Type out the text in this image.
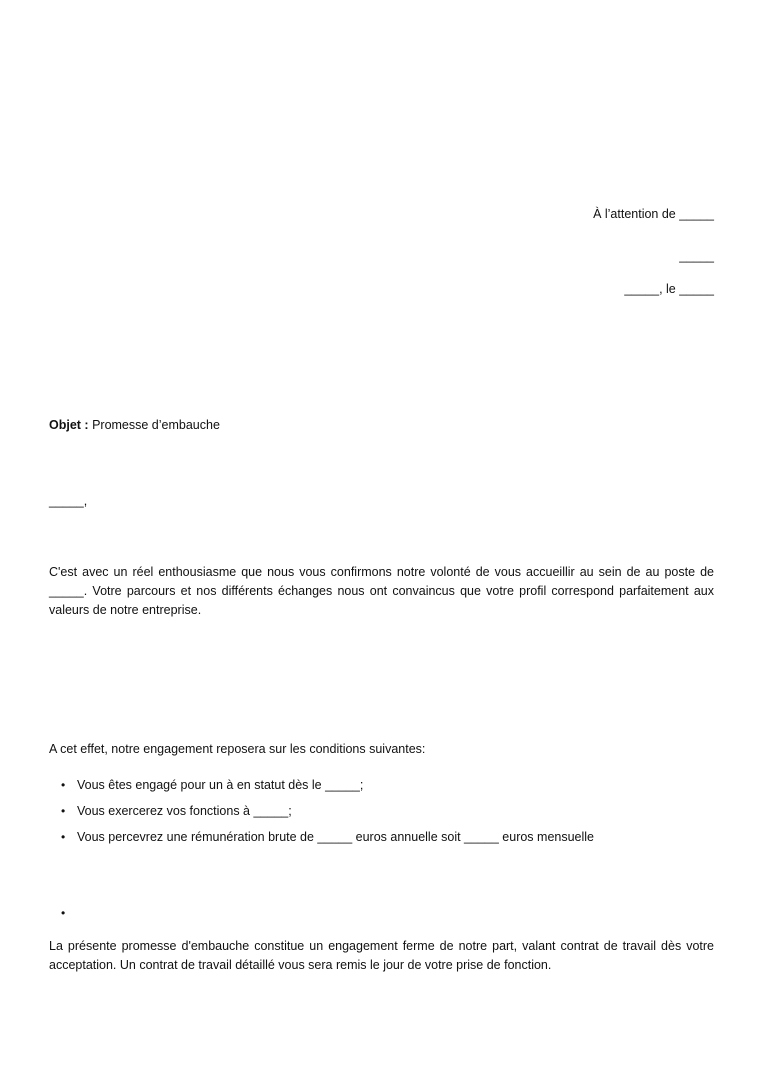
À l’attention de _____
_____
_____, le _____
Objet : Promesse d’embauche
_____,
C'est avec un réel enthousiasme que nous vous confirmons notre volonté de vous accueillir au sein de au poste de _____. Votre parcours et nos différents échanges nous ont convaincus que votre profil correspond parfaitement aux valeurs de notre entreprise.
A cet effet, notre engagement reposera sur les conditions suivantes:
• Vous êtes engagé pour un à en statut dès le _____;
• Vous exercerez vos fonctions à _____;
• Vous percevrez une rémunération brute de _____ euros annuelle soit _____ euros mensuelle
•
La présente promesse d'embauche constitue un engagement ferme de notre part, valant contrat de travail dès votre acceptation. Un contrat de travail détaillé vous sera remis le jour de votre prise de fonction.
